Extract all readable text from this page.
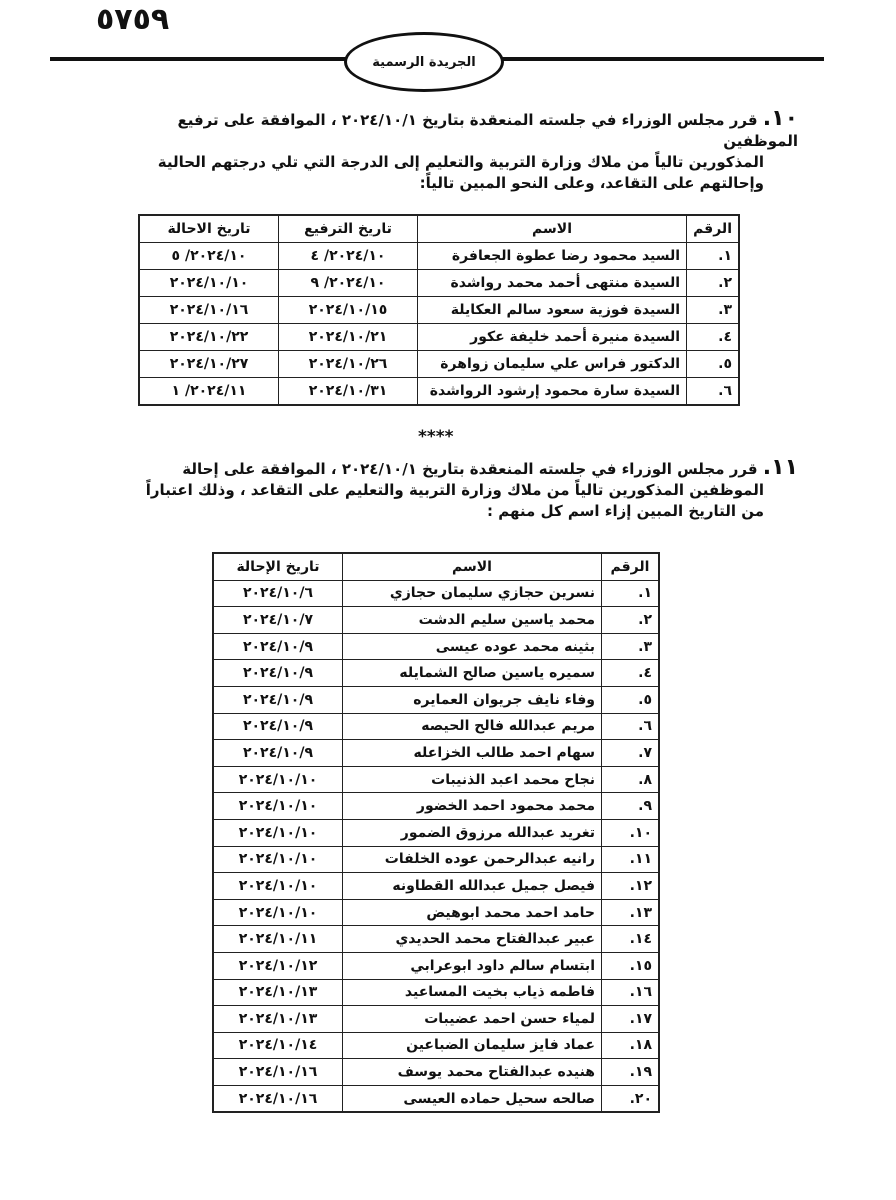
٥٧٥٩
الجريدة الرسمية
١٠. قرر مجلس الوزراء في جلسته المنعقدة بتاريخ ٢٠٢٤/١٠/١ ، الموافقة على ترفيع الموظفين
المذكورين تالياً من ملاك وزارة التربية والتعليم إلى الدرجة التي تلي درجتهم الحالية
وإحالتهم على التقاعد، وعلى النحو المبين تالياً:
الرقم	الاسم	تاريخ الترفيع	تاريخ الاحالة
١.	السيد محمود رضا عطوة الجعافرة	٢٠٢٤/١٠/ ٤	٢٠٢٤/١٠/ ٥
٢.	السيدة منتهى أحمد محمد رواشدة	٢٠٢٤/١٠/ ٩	٢٠٢٤/١٠/١٠
٣.	السيدة فوزية سعود سالم العكايلة	٢٠٢٤/١٠/١٥	٢٠٢٤/١٠/١٦
٤.	السيدة منيرة أحمد خليفة عكور	٢٠٢٤/١٠/٢١	٢٠٢٤/١٠/٢٢
٥.	الدكتور فراس علي سليمان زواهرة	٢٠٢٤/١٠/٢٦	٢٠٢٤/١٠/٢٧
٦.	السيدة سارة محمود إرشود الرواشدة	٢٠٢٤/١٠/٣١	٢٠٢٤/١١/ ١
****
١١. قرر مجلس الوزراء في جلسته المنعقدة بتاريخ ٢٠٢٤/١٠/١ ، الموافقة على إحالة
الموظفين المذكورين تالياً من ملاك وزارة التربية والتعليم على التقاعد ، وذلك اعتباراً
من التاريخ المبين إزاء اسم كل منهم :
الرقم	الاسم	تاريخ الإحالة
١.	نسرين حجازي سليمان حجازي	٢٠٢٤/١٠/٦
٢.	محمد ياسين سليم الدشت	٢٠٢٤/١٠/٧
٣.	بثينه محمد عوده عيسى	٢٠٢٤/١٠/٩
٤.	سميره ياسين صالح الشمايله	٢٠٢٤/١٠/٩
٥.	وفاء نايف جريوان العمايره	٢٠٢٤/١٠/٩
٦.	مريم عبدالله فالح الحيصه	٢٠٢٤/١٠/٩
٧.	سهام احمد طالب الخزاعله	٢٠٢٤/١٠/٩
٨.	نجاح محمد اعبد الذنيبات	٢٠٢٤/١٠/١٠
٩.	محمد محمود احمد الخضور	٢٠٢٤/١٠/١٠
١٠.	تغريد عبدالله مرزوق الضمور	٢٠٢٤/١٠/١٠
١١.	رانيه عبدالرحمن عوده الخلفات	٢٠٢٤/١٠/١٠
١٢.	فيصل جميل عبدالله القطاونه	٢٠٢٤/١٠/١٠
١٣.	حامد احمد محمد ابوهيض	٢٠٢٤/١٠/١٠
١٤.	عبير عبدالفتاح محمد الحديدي	٢٠٢٤/١٠/١١
١٥.	ابتسام سالم داود ابوعرابي	٢٠٢٤/١٠/١٢
١٦.	فاطمه ذياب بخيت المساعيد	٢٠٢٤/١٠/١٣
١٧.	لمياء حسن احمد عضيبات	٢٠٢٤/١٠/١٣
١٨.	عماد فايز سليمان الضباعين	٢٠٢٤/١٠/١٤
١٩.	هنيده عبدالفتاح محمد يوسف	٢٠٢٤/١٠/١٦
٢٠.	صالحه سحيل حماده العيسى	٢٠٢٤/١٠/١٦
